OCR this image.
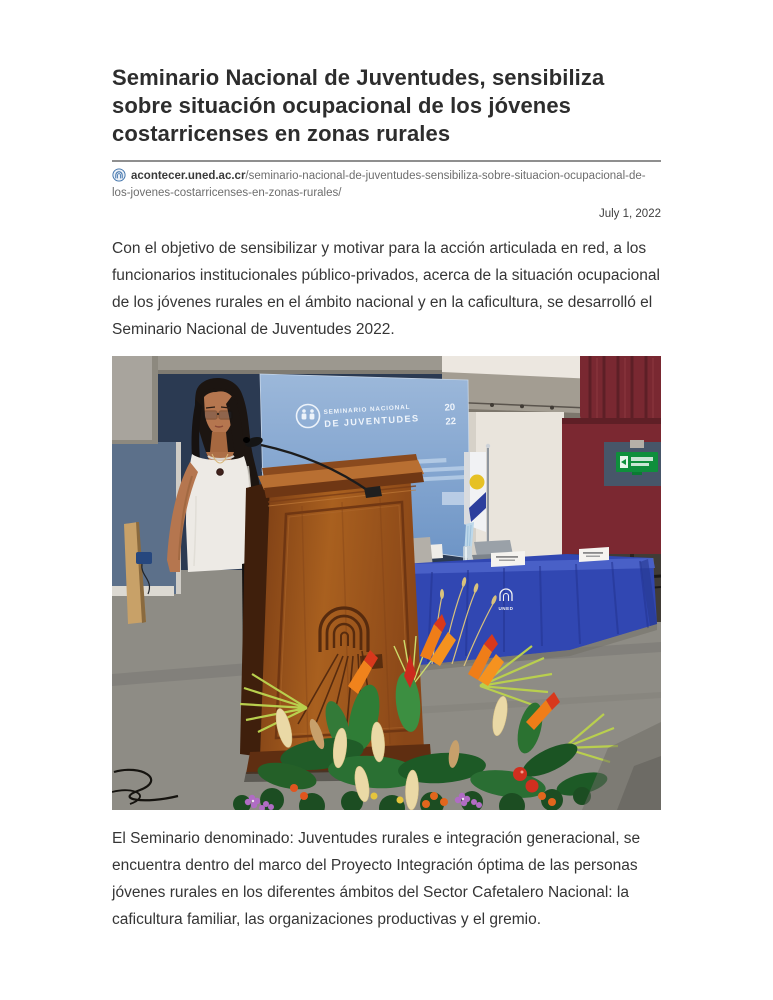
Seminario Nacional de Juventudes, sensibiliza sobre situación ocupacional de los jóvenes costarricenses en zonas rurales
acontecer.uned.ac.cr/seminario-nacional-de-juventudes-sensibiliza-sobre-situacion-ocupacional-de-los-jovenes-costarricenses-en-zonas-rurales/
July 1, 2022

Con el objetivo de sensibilizar y motivar para la acción articulada en red, a los funcionarios institucionales público-privados, acerca de la situación ocupacional de los jóvenes rurales en el ámbito nacional y en la caficultura, se desarrolló el Seminario Nacional de Juventudes 2022.

SEMINARIO NACIONAL
DE JUVENTUDES
20
22
UNED

El Seminario denominado: Juventudes rurales e integración generacional, se encuentra dentro del marco del Proyecto Integración óptima de las personas jóvenes rurales en los diferentes ámbitos del Sector Cafetalero Nacional: la caficultura familiar, las organizaciones productivas y el gremio.
